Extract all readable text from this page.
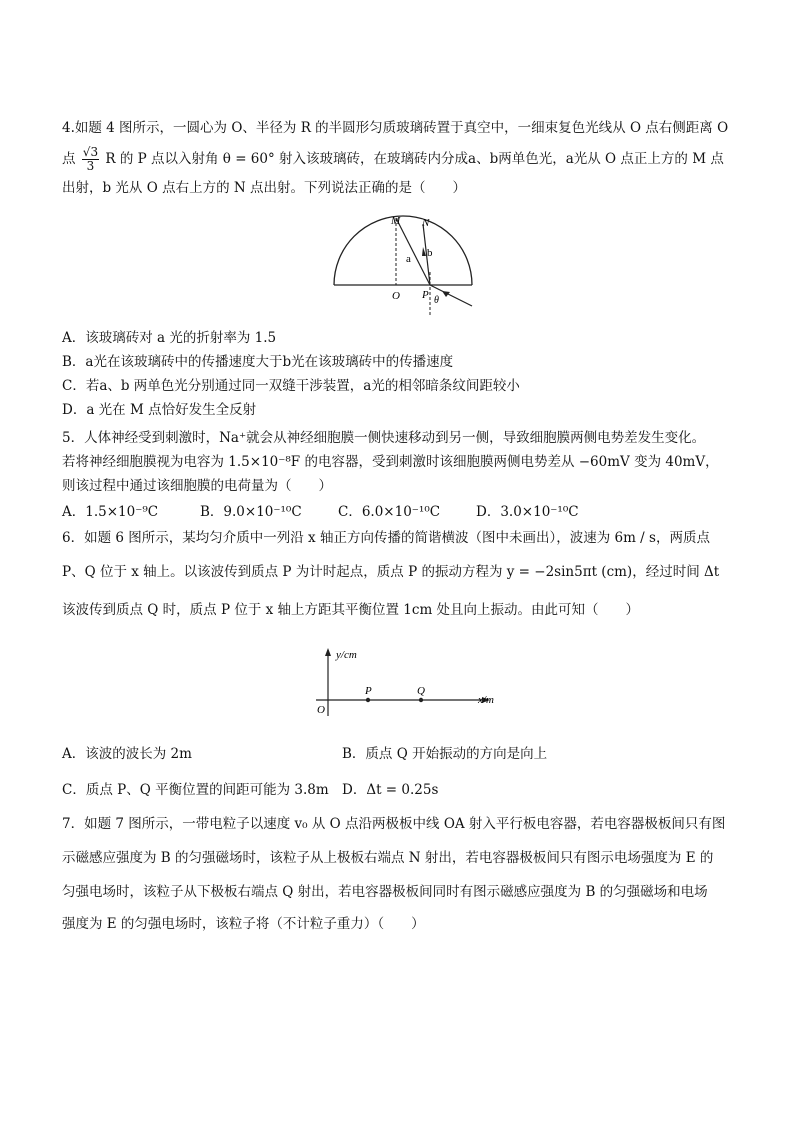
4.如题 4 图所示，一圆心为 O、半径为 R 的半圆形匀质玻璃砖置于真空中，一细束复色光线从 O 点右侧距离 O
点 $\frac{√3}{3}$ R 的 P 点以入射角 θ = 60° 射入该玻璃砖，在玻璃砖内分成a、b两单色光，a光从 O 点正上方的 M 点
出射，b 光从 O 点右上方的 N 点出射。下列说法正确的是（　　）
M N
a b
O P θ
A．该玻璃砖对 a 光的折射率为 1.5
B．a光在该玻璃砖中的传播速度大于b光在该玻璃砖中的传播速度
C．若a、b 两单色光分别通过同一双缝干涉装置，a光的相邻暗条纹间距较小
D．a 光在 M 点恰好发生全反射
5．人体神经受到刺激时，Na⁺就会从神经细胞膜一侧快速移动到另一侧，导致细胞膜两侧电势差发生变化。
若将神经细胞膜视为电容为 1.5×10⁻⁸F 的电容器，受到刺激时该细胞膜两侧电势差从 −60mV 变为 40mV，
则该过程中通过该细胞膜的电荷量为（　　）
A．1.5×10⁻⁹C	B．9.0×10⁻¹⁰C	C．6.0×10⁻¹⁰C	D．3.0×10⁻¹⁰C
6．如题 6 图所示，某均匀介质中一列沿 x 轴正方向传播的简谐横波（图中未画出），波速为 6m / s，两质点
P、Q 位于 x 轴上。以该波传到质点 P 为计时起点，质点 P 的振动方程为 y = −2sin5πt (cm)，经过时间 Δt
该波传到质点 Q 时，质点 P 位于 x 轴上方距其平衡位置 1cm 处且向上振动。由此可知（　　）
y/cm
x/m
O
P	Q
A．该波的波长为 2m	B．质点 Q 开始振动的方向是向上
C．质点 P、Q 平衡位置的间距可能为 3.8m D．Δt = 0.25s
7．如题 7 图所示，一带电粒子以速度 v₀ 从 O 点沿两极板中线 OA 射入平行板电容器，若电容器极板间只有图
示磁感应强度为 B 的匀强磁场时，该粒子从上极板右端点 N 射出，若电容器极板间只有图示电场强度为 E 的
匀强电场时，该粒子从下极板右端点 Q 射出，若电容器极板间同时有图示磁感应强度为 B 的匀强磁场和电场
强度为 E 的匀强电场时，该粒子将（不计粒子重力）（　　）
